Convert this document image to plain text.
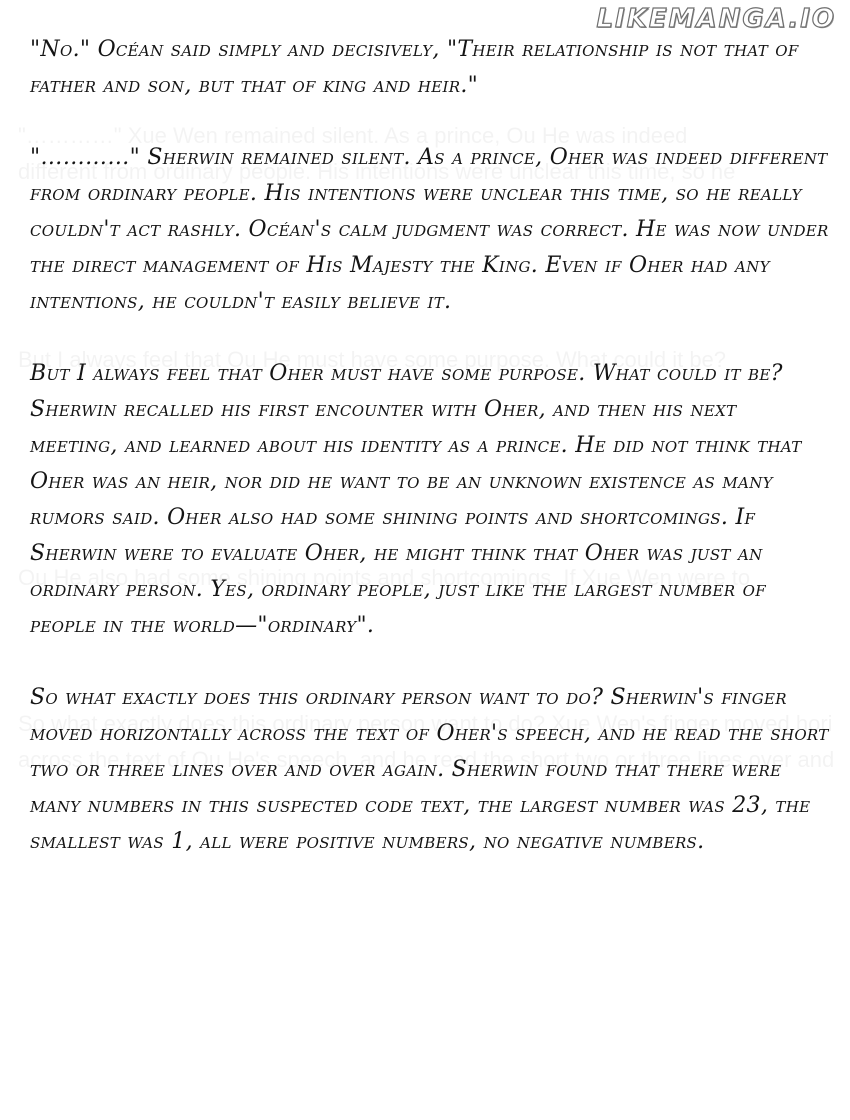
LIKEMANGA.IO

"No." Océan said simply and decisively, "Their relationship is not that of father and son, but that of king and heir."

"…………" Sherwin remained silent. As a prince, Oher was indeed different from ordinary people. His intentions were unclear this time, so he really couldn't act rashly. Océan's calm judgment was correct. He was now under the direct management of His Majesty the King. Even if Oher had any intentions, he couldn't easily believe it.

But I always feel that Oher must have some purpose. What could it be? Sherwin recalled his first encounter with Oher, and then his next meeting, and learned about his identity as a prince. He did not think that Oher was an heir, nor did he want to be an unknown existence as many rumors said. Oher also had some shining points and shortcomings. If Sherwin were to evaluate Oher, he might think that Oher was just an ordinary person. Yes, ordinary people, just like the largest number of people in the world—"ordinary".

So what exactly does this ordinary person want to do? Sherwin's finger moved horizontally across the text of Oher's speech, and he read the short two or three lines over and over again. Sherwin found that there were many numbers in this suspected code text, the largest number was 23, the smallest was 1, all were positive numbers, no negative numbers.
